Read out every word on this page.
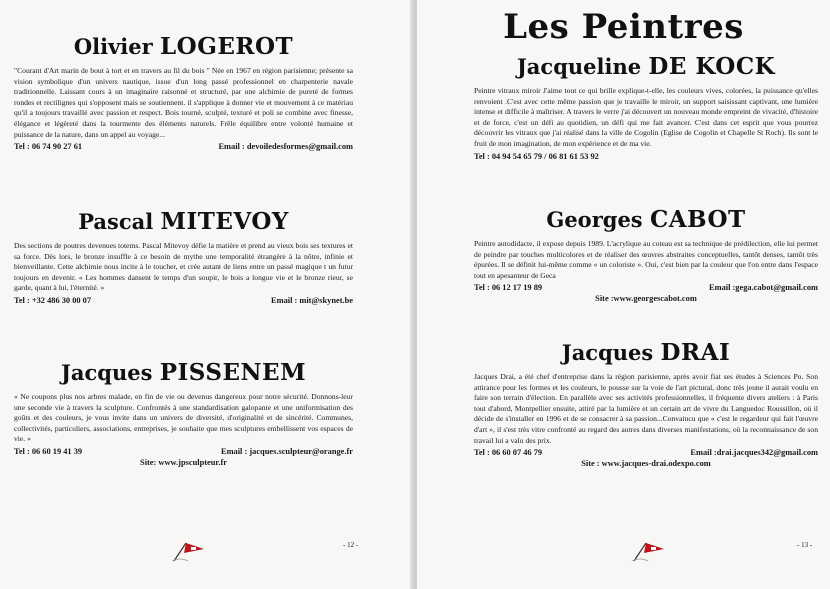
Olivier LOGEROT

"Courant d'Art marin de bout à tort et en travers au fil du bois " Née en 1967 en région parisienne; présente sa vision symbolique d'un univers nautique, issue d'un long passé professionnel en charpenterie navale traditionnelle. Laissant cours à un imaginaire raisonné et structuré, par une alchimie de pureté de formes rondes et rectilignes qui s'opposent mais se soutiennent. il s'applique à donner vie et mouvement à ce matériau qu'il a toujours travaillé avec passion et respect. Bois tourné, sculpté, texturé et poli se combine avec finesse, élégance et légèreté dans la tourmente des éléments naturels. Frêle équilibre entre volonté humaine et puissance de la nature, dans un appel au voyage...

Tel : 06 74 90 27 61	Email : devoiledesformes@gmail.com
Pascal MITEVOY

Des sections de poutres devenues totems. Pascal Mitevoy défie la matière et prend au vieux bois ses textures et sa force. Dès lors, le bronze insuffle à ce besoin de mythe une temporalité étrangère à la nôtre, infinie et bienveillante. Cette alchimie nous incite à le toucher, et crée autant de liens entre un passé magique t un futur toujours en devenir. « Les hommes dansent le temps d'un soupir, le bois a longue vie et le bronze rieur, se garde, quant à lui, l'éternité. »

Tel : +32 486 30 00 07	Email : mit@skynet.be
Jacques PISSENEM

« Ne coupons plus nos arbres malade, en fin de vie ou devenus dangereux pour notre sécurité. Donnons-leur une seconde vie à travers la sculpture. Confrontés à une standardisation galopante et une uniformisation des goûts et des couleurs, je vous invite dans un univers de diversité, d'originalité et de sincérité. Communes, collectivités, particuliers, associations, entreprises, je souhaite que mes sculptures embellissent vos espaces de vie. »

Tel : 06 60 19 41 39	Email : jacques.sculpteur@orange.fr
Site: www.jpsculpteur.fr
- 12 -
Les Peintres
Jacqueline DE KOCK

Peintre vitraux miroir J'aime tout ce qui brille explique-t-elle, les couleurs vives, colorées, la puissance qu'elles renvoient .C'est avec cette même passion que je travaille le miroir, un support saisissant captivant, une lumière intense et difficile à maîtriser. A travers le verre j'ai découvert un nouveau monde empreint de vivacité, d'histoire et de force, c'est un défi au quotidien, un défi qui me fait avancer. C'est dans cet esprit que vous pourrez découvrir les vitraux que j'ai réalisé dans la ville de Cogolin (Eglise de Cogolin et Chapelle St Roch). Ils sont le fruit de mon imagination, de mon expérience et de ma vie.

Tel : 04 94 54 65 79 / 06 81 61 53 92
Georges CABOT

Peintre autodidacte, il expose depuis 1989. L'acrylique au coteau est sa technique de prédilection, elle lui permet de peindre par touches multicolores et de réaliser des œuvres abstraites conceptuelles, tantôt denses, tantôt très épurées. Il se définit lui-même comme « un coloriste ». Oui, c'est bien par la couleur que l'on entre dans l'espace tout en apesanteur de Geca

Tel : 06 12 17 19 89	Email :gega.cabot@gmail.com
Site :www.georgescabot.com
Jacques DRAI

Jacques Drai, a été chef d'entreprise dans la région parisienne, après avoir fiat ses études à Sciences Po. Son attirance pour les formes et les couleurs, le pousse sur la voie de l'art pictural, donc très jeune il aurait voulu en faire son terrain d'élection. En parallèle avec ses activités professionnelles, il fréquente divers ateliers : à Paris tout d'abord, Montpellier ensuite, attiré par la lumière et un certain art de vivre du Languedoc Roussillon, où il décide de s'installer en 1996 et de se consacrer à sa passion...Convaincu que « c'est le regardeur qui fait l'œuvre d'art », il s'est très vitre confronté au regard des autres dans diverses manifestations, où la reconnaissance de son travail lui a valu des prix.

Tel : 06 60 07 46 79	Email :drai.jacques342@gmail.com
Site : www.jacques-drai.odexpo.com
- 13 -
